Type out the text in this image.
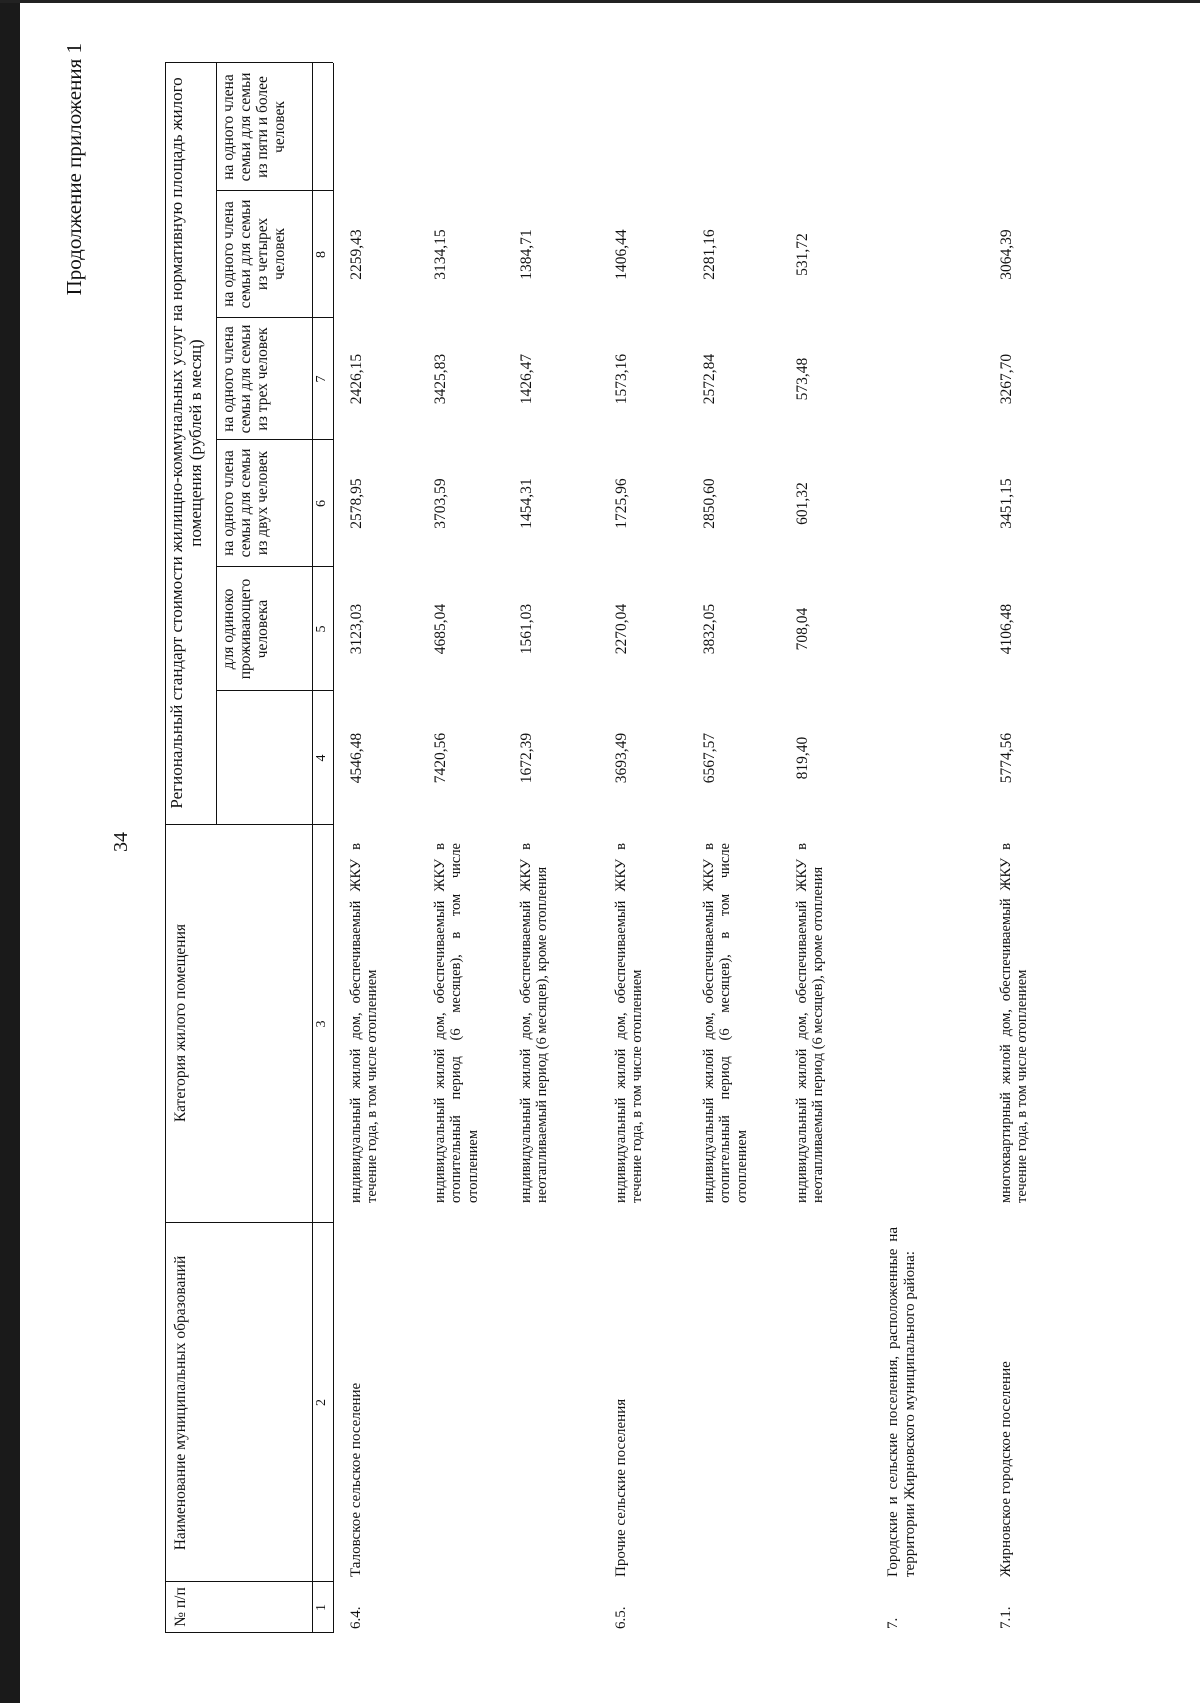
34
Продолжение приложения 1
№ п/п
Наименование муниципальных образований
Категория жилого помещения
Региональный стандарт стоимости жилищно-коммунальных услуг на нормативную площадь жилого помещения (рублей в месяц)
для одиноко проживающего человека
на одного члена семьи для семьи из двух человек
на одного члена семьи для семьи из трех человек
на одного члена семьи для семьи из четырех человек
на одного члена семьи для семьи из пяти и более человек
1
2
3
4
5
6
7
8
6.4.
Таловское сельское поселение
индивидуальный жилой дом, обеспечиваемый ЖКУ в течение года, в том числе отоплением
4546,48
3123,03
2578,95
2426,15
2259,43
индивидуальный жилой дом, обеспечиваемый ЖКУ в отопительный период (6 месяцев), в том числе отоплением
7420,56
4685,04
3703,59
3425,83
3134,15
индивидуальный жилой дом, обеспечиваемый ЖКУ в неотапливаемый период (6 месяцев), кроме отопления
1672,39
1561,03
1454,31
1426,47
1384,71
6.5.
Прочие сельские поселения
индивидуальный жилой дом, обеспечиваемый ЖКУ в течение года, в том числе отоплением
3693,49
2270,04
1725,96
1573,16
1406,44
индивидуальный жилой дом, обеспечиваемый ЖКУ в отопительный период (6 месяцев), в том числе отоплением
6567,57
3832,05
2850,60
2572,84
2281,16
индивидуальный жилой дом, обеспечиваемый ЖКУ в неотапливаемый период (6 месяцев), кроме отопления
819,40
708,04
601,32
573,48
531,72
7.
Городские и сельские поселения, расположенные на территории Жирновского муниципального района:
7.1.
Жирновское городское поселение
многоквартирный жилой дом, обеспечиваемый ЖКУ в течение года, в том числе отоплением
5774,56
4106,48
3451,15
3267,70
3064,39
